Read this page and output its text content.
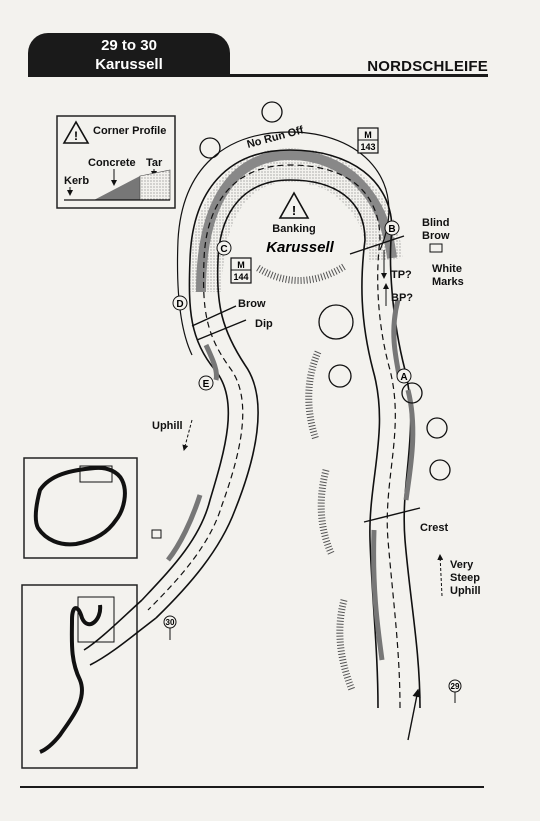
29 to 30
Karussell	NORDSCHLEIFE
! Corner Profile
Concrete Tar
Kerb
!
No Run Off
Banking
Karussell
Blind
Brow
White
Marks
TP?
BP?
Brow
Dip
Uphill
Crest
Very
Steep
Uphill
M
143
M
144
A
B
C
D
E
30
29
